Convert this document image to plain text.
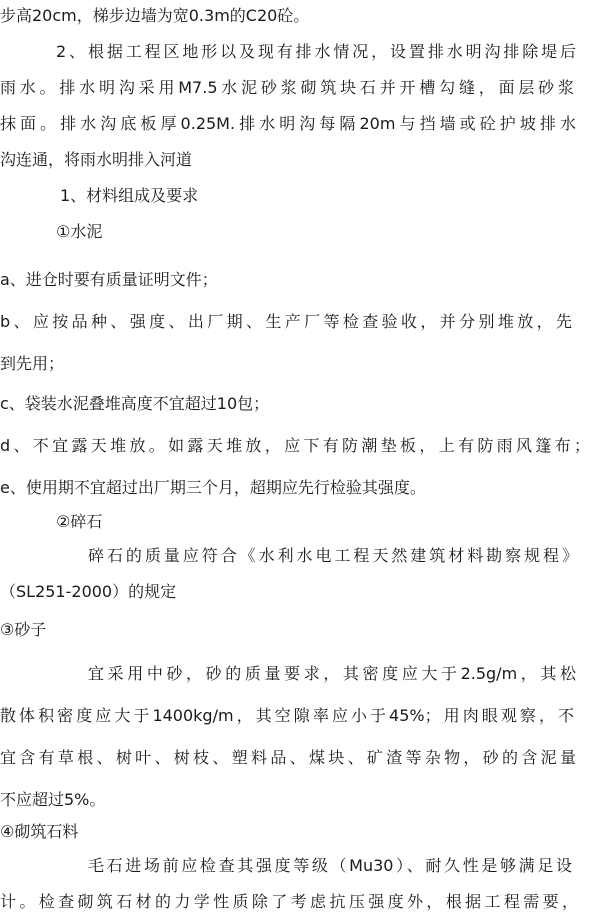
步高20cm，梯步边墙为宽0.3m的C20砼。
2、根据工程区地形以及现有排水情况，设置排水明沟排除堤后
雨水。排水明沟采用M7.5水泥砂浆砌筑块石并开槽勾缝，面层砂浆
抹面。排水沟底板厚0.25M.排水明沟每隔20m与挡墙或砼护坡排水
沟连通，将雨水明排入河道
1、材料组成及要求
①水泥
a、进仓时要有质量证明文件；
b、应按品种、强度、出厂期、生产厂等检查验收，并分别堆放，先
到先用；
c、袋装水泥叠堆高度不宜超过10包；
d、不宜露天堆放。如露天堆放，应下有防潮垫板，上有防雨风篷布；
e、使用期不宜超过出厂期三个月，超期应先行检验其强度。
②碎石
碎石的质量应符合《水利水电工程天然建筑材料勘察规程》
（SL251-2000）的规定
③砂子
宜采用中砂，砂的质量要求，其密度应大于2.5g/m，其松
散体积密度应大于1400kg/m，其空隙率应小于45%；用肉眼观察，不
宜含有草根、树叶、树枝、塑料品、煤块、矿渣等杂物，砂的含泥量
不应超过5%。
④砌筑石料
毛石进场前应检查其强度等级（Mu30）、耐久性是够满足设
计。检查砌筑石材的力学性质除了考虑抗压强度外，根据工程需要，
